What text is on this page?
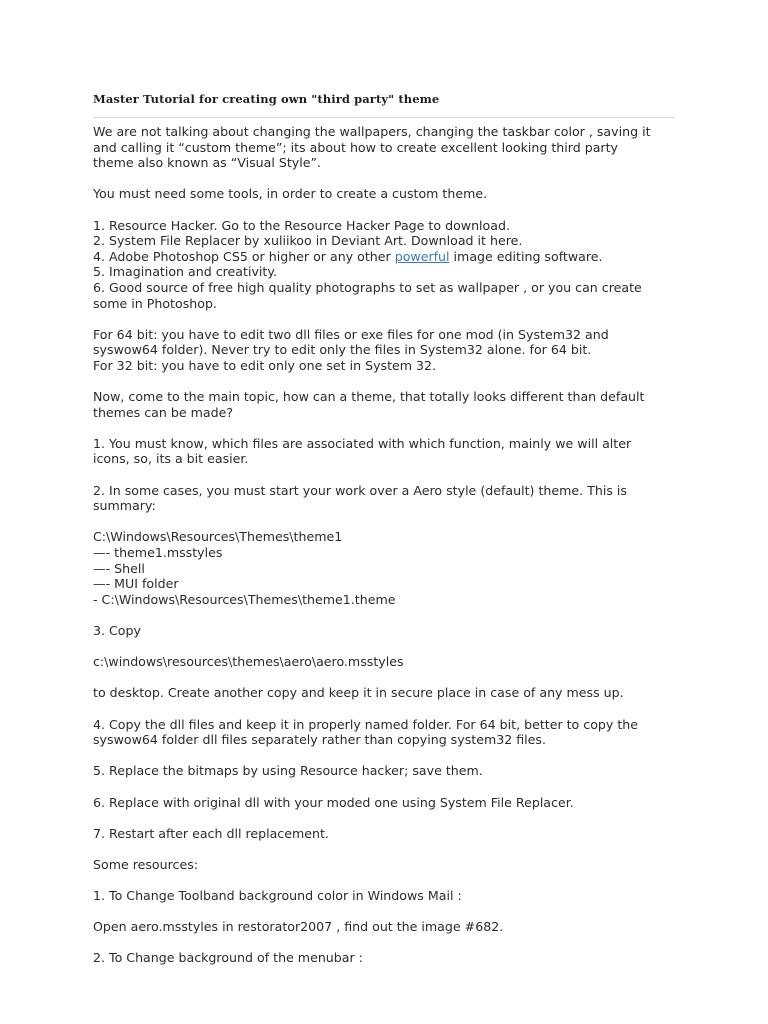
Master Tutorial for creating own "third party" theme

We are not talking about changing the wallpapers, changing the taskbar color , saving it
and calling it “custom theme”; its about how to create excellent looking third party
theme also known as “Visual Style”.

You must need some tools, in order to create a custom theme.

1. Resource Hacker. Go to the Resource Hacker Page to download.
2. System File Replacer by xuliikoo in Deviant Art. Download it here.
4. Adobe Photoshop CS5 or higher or any other powerful image editing software.
5. Imagination and creativity.
6. Good source of free high quality photographs to set as wallpaper , or you can create
some in Photoshop.

For 64 bit: you have to edit two dll files or exe files for one mod (in System32 and
syswow64 folder). Never try to edit only the files in System32 alone. for 64 bit.
For 32 bit: you have to edit only one set in System 32.

Now, come to the main topic, how can a theme, that totally looks different than default
themes can be made?

1. You must know, which files are associated with which function, mainly we will alter
icons, so, its a bit easier.

2. In some cases, you must start your work over a Aero style (default) theme. This is
summary:

C:\Windows\Resources\Themes\theme1
—- theme1.msstyles
—- Shell
—- MUI folder
- C:\Windows\Resources\Themes\theme1.theme

3. Copy

c:\windows\resources\themes\aero\aero.msstyles

to desktop. Create another copy and keep it in secure place in case of any mess up.

4. Copy the dll files and keep it in properly named folder. For 64 bit, better to copy the
syswow64 folder dll files separately rather than copying system32 files.

5. Replace the bitmaps by using Resource hacker; save them.

6. Replace with original dll with your moded one using System File Replacer.

7. Restart after each dll replacement.

Some resources:

1. To Change Toolband background color in Windows Mail :

Open aero.msstyles in restorator2007 , find out the image #682.

2. To Change background of the menubar :
